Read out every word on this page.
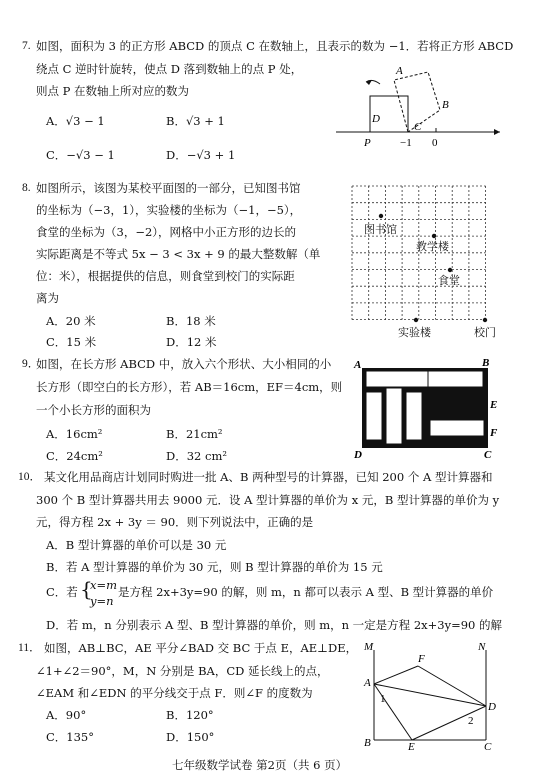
7. 如图，面积为 3 的正方形 ABCD 的顶点 C 在数轴上，且表示的数为 −1．若将正方形 ABCD
绕点 C 逆时针旋转，使点 D 落到数轴上的点 P 处，
则点 P 在数轴上所对应的数为
A．√3 − 1	B．√3 + 1
C．−√3 − 1	D．−√3 + 1
A
B
C
D
P	−1 0
8. 如图所示，该图为某校平面图的一部分，已知图书馆
的坐标为（−3，1），实验楼的坐标为（−1，−5），
食堂的坐标为（3，−2），网格中小正方形的边长的
实际距离是不等式 5x − 3 < 3x + 9 的最大整数解（单
位：米），根据提供的信息，则食堂到校门的实际距
离为
A．20 米	B．18 米
C．15 米	D．12 米
图书馆
教学楼
食堂
实验楼	校门
9．
如图，在长方形 ABCD 中，放入六个形状、大小相同的小
长方形（即空白的长方形），若 AB＝16cm，EF＝4cm，则
一个小长方形的面积为
A．16cm²	B．21cm²
C．24cm²	D．32 cm²
A	B
E
F
D	C
10． 某文化用品商店计划同时购进一批 A、B 两种型号的计算器，已知 200 个 A 型计算器和
300 个 B 型计算器共用去 9000 元．设 A 型计算器的单价为 x 元，B 型计算器的单价为 y
元，得方程 2x + 3y ＝ 90．则下列说法中，正确的是
A．B 型计算器的单价可以是 30 元
B．若 A 型计算器的单价为 30 元，则 B 型计算器的单价为 15 元
C．若 {
x=m
y=n
是方程 2x+3y=90 的解，则 m，n 都可以表示 A 型、B 型计算器的单价
D．若 m，n 分别表示 A 型、B 型计算器的单价，则 m，n 一定是方程 2x+3y=90 的解
11． 如图，AB⊥BC，AE 平分∠BAD 交 BC 于点 E，AE⊥DE，
∠1+∠2＝90°，M，N 分别是 BA，CD 延长线上的点，
∠EAM 和∠EDN 的平分线交于点 F．则∠F 的度数为
A．90°	B．120°
C．135°	D．150°
M	N
F
A
1
D
2
B	E	C
七年级数学试卷 第2页（共 6 页）
